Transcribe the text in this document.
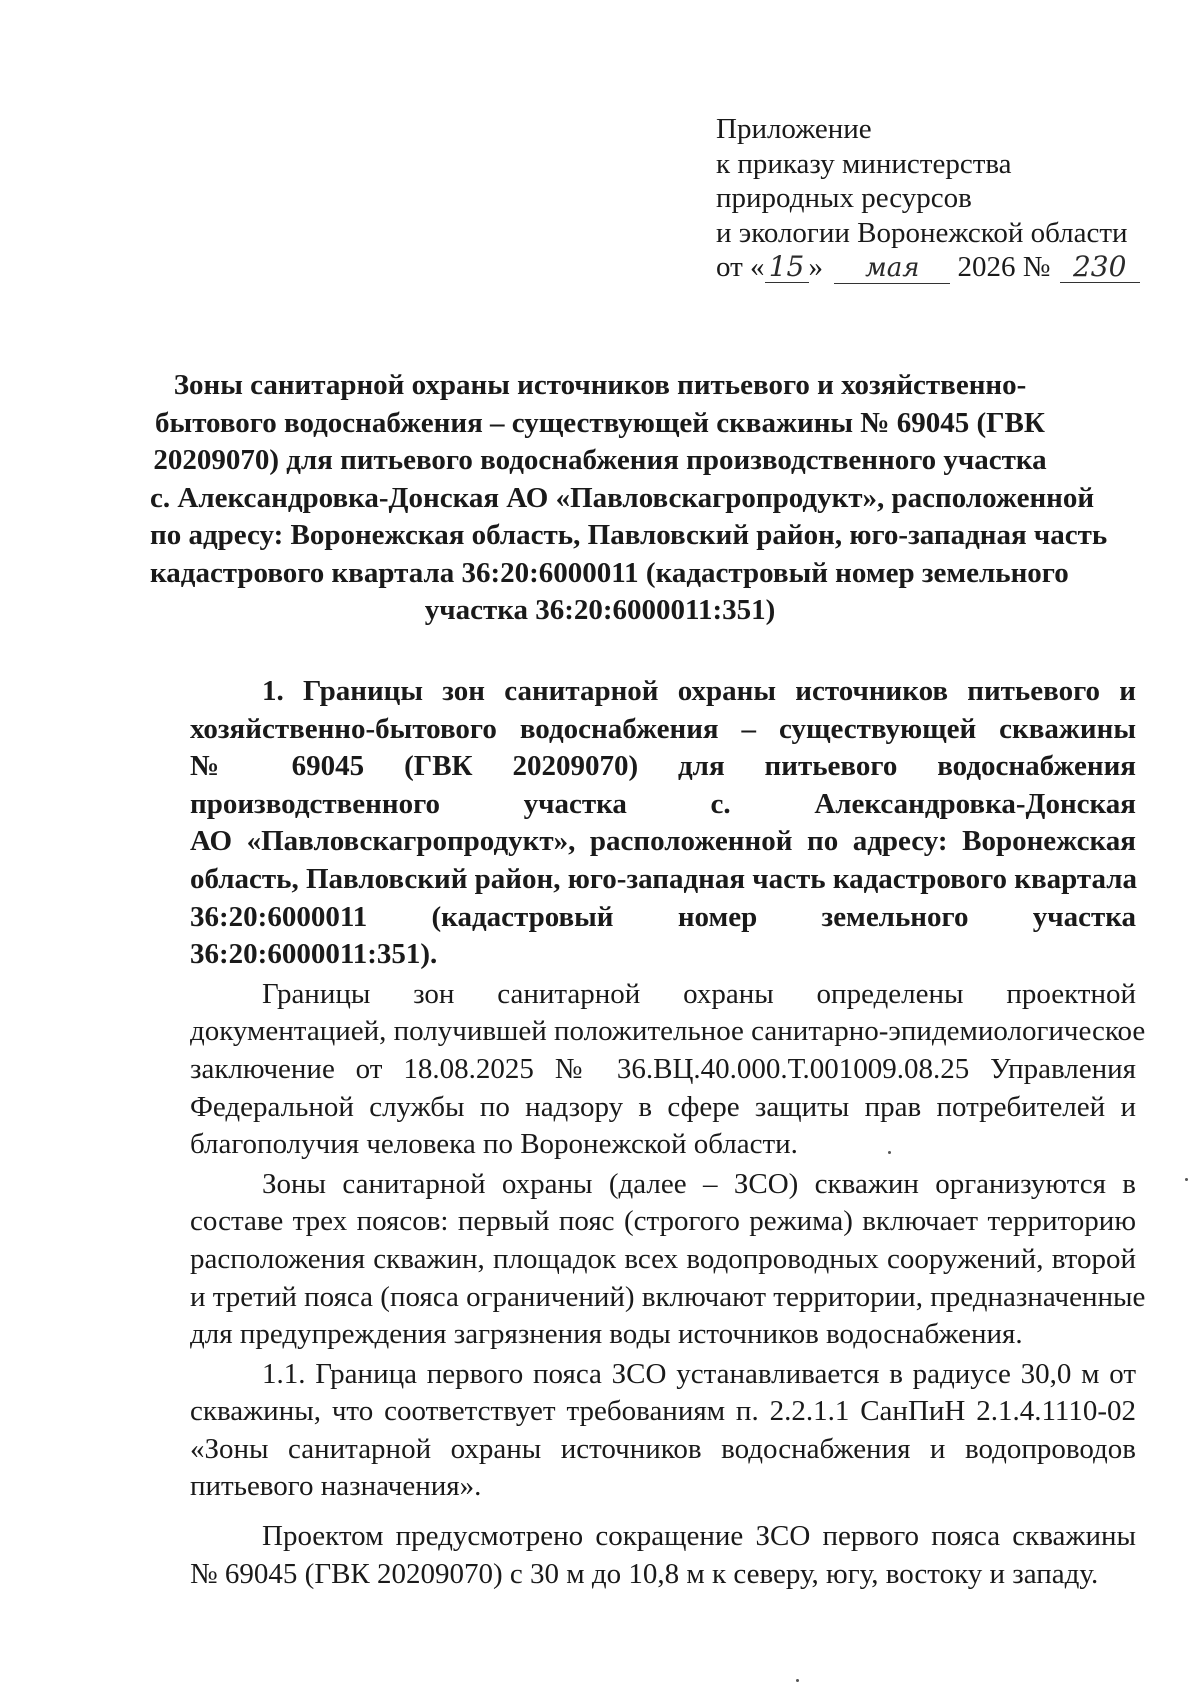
Приложение
к приказу министерства
природных ресурсов
и экологии Воронежской области
от « 15 » мая 2026 № 230
Зоны санитарной охраны источников питьевого и хозяйственно-
бытового водоснабжения – существующей скважины № 69045 (ГВК
20209070) для питьевого водоснабжения производственного участка
с. Александровка-Донская АО «Павловскагропродукт», расположенной
по адресу: Воронежская область, Павловский район, юго-западная часть
кадастрового квартала 36:20:6000011 (кадастровый номер земельного
участка 36:20:6000011:351)
1. Границы зон санитарной охраны источников питьевого и
хозяйственно-бытового водоснабжения – существующей скважины
№ 69045 (ГВК 20209070) для питьевого водоснабжения
производственного участка с. Александровка-Донская
АО «Павловскагропродукт», расположенной по адресу: Воронежская
область, Павловский район, юго-западная часть кадастрового квартала
36:20:6000011 (кадастровый номер земельного участка
36:20:6000011:351).
Границы зон санитарной охраны определены проектной
документацией, получившей положительное санитарно-эпидемиологическое
заключение от 18.08.2025 № 36.ВЦ.40.000.Т.001009.08.25 Управления
Федеральной службы по надзору в сфере защиты прав потребителей и
благополучия человека по Воронежской области.
Зоны санитарной охраны (далее – ЗСО) скважин организуются в
составе трех поясов: первый пояс (строгого режима) включает территорию
расположения скважин, площадок всех водопроводных сооружений, второй
и третий пояса (пояса ограничений) включают территории, предназначенные
для предупреждения загрязнения воды источников водоснабжения.
1.1. Граница первого пояса ЗСО устанавливается в радиусе 30,0 м от
скважины, что соответствует требованиям п. 2.2.1.1 СанПиН 2.1.4.1110-02
«Зоны санитарной охраны источников водоснабжения и водопроводов
питьевого назначения».
Проектом предусмотрено сокращение ЗСО первого пояса скважины
№ 69045 (ГВК 20209070) с 30 м до 10,8 м к северу, югу, востоку и западу.
